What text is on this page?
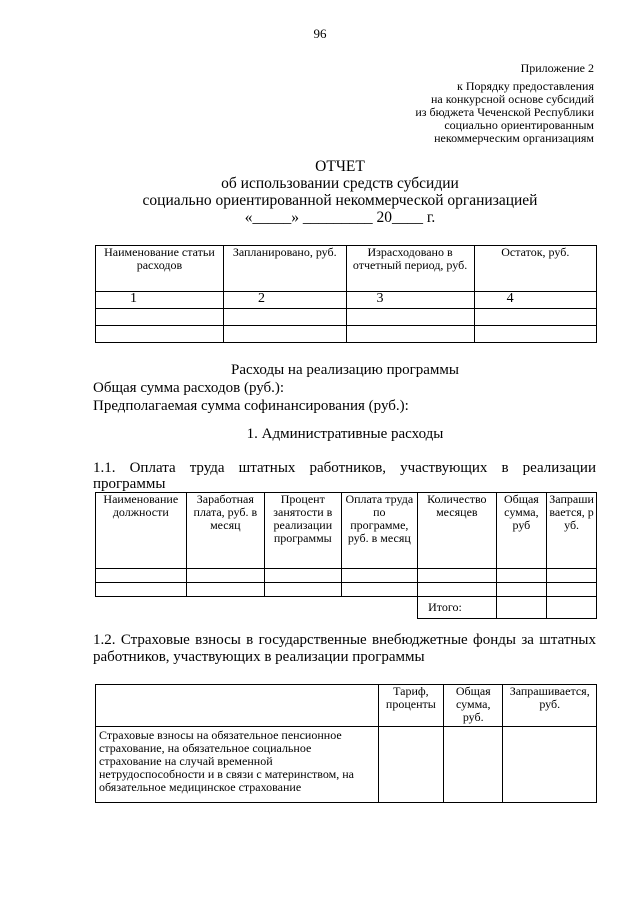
96
Приложение 2
к Порядку предоставления
на конкурсной основе субсидий
из бюджета Чеченской Республики
социально ориентированным
некоммерческим организациям
ОТЧЕТ
об использовании средств субсидии
социально ориентированной некоммерческой организацией
«_____» _________ 20____ г.
Наименование статьи расходов	Запланировано, руб.	Израсходовано в отчетный период, руб.	Остаток, руб.
1	2	3	4

Расходы на реализацию программы
Общая сумма расходов (руб.):
Предполагаемая сумма софинансирования (руб.):
1. Административные расходы
1.1. Оплата труда штатных работников, участвующих в реализации
программы
Наименование должности	Заработная плата, руб. в месяц	Процент занятости в реализации программы	Оплата труда по программе, руб. в месяц	Количество месяцев	Общая сумма, руб	Запрашивается, руб.

				Итого:		
1.2. Страховые взносы в государственные внебюджетные фонды за штатных
работников, участвующих в реализации программы
	Тариф, проценты	Общая сумма, руб.	Запрашивается, руб.
Страховые взносы на обязательное пенсионное страхование, на обязательное социальное страхование на случай временной нетрудоспособности и в связи с материнством, на обязательное медицинское страхование			
